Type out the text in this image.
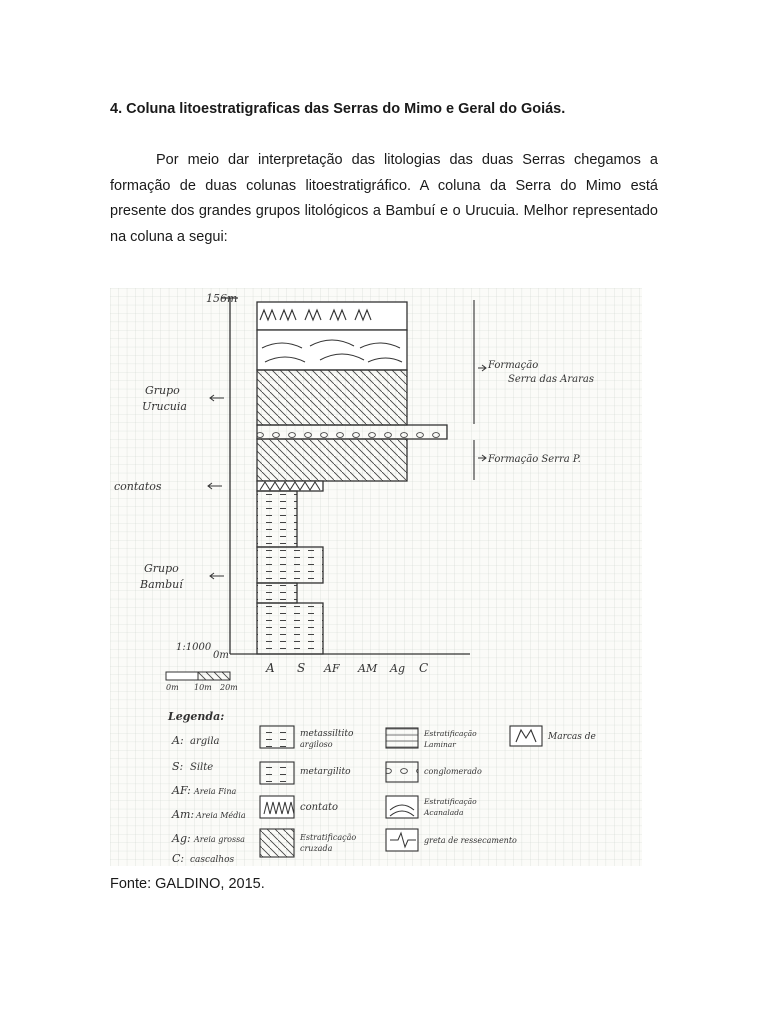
4. Coluna litoestratigraficas das Serras do Mimo e Geral do Goiás.

Por meio dar interpretação das litologias das duas Serras chegamos a formação de duas colunas litoestratigráfico. A coluna da Serra do Mimo está presente dos grandes grupos litológicos a Bambuí e o Urucuia. Melhor representado na coluna a segui:

156m
0m
1:1000
Grupo
Urucuia
contatos
Grupo
Bambuí
Formação
Serra das Araras
Formação Serra P.
A S AF AM Ag C
0m 10m 20m
Legenda:
A: argila
S: Silte
AF: Areia Fina
Am: Areia Média
Ag: Areia grossa
C: cascalhos
metassiltito
argiloso
metargilito
contato
Estratificação
cruzada
Estratificação
Laminar
conglomerado
Estratificação
Acanalada
greta de ressecamento
Marcas de

Fonte: GALDINO, 2015.
